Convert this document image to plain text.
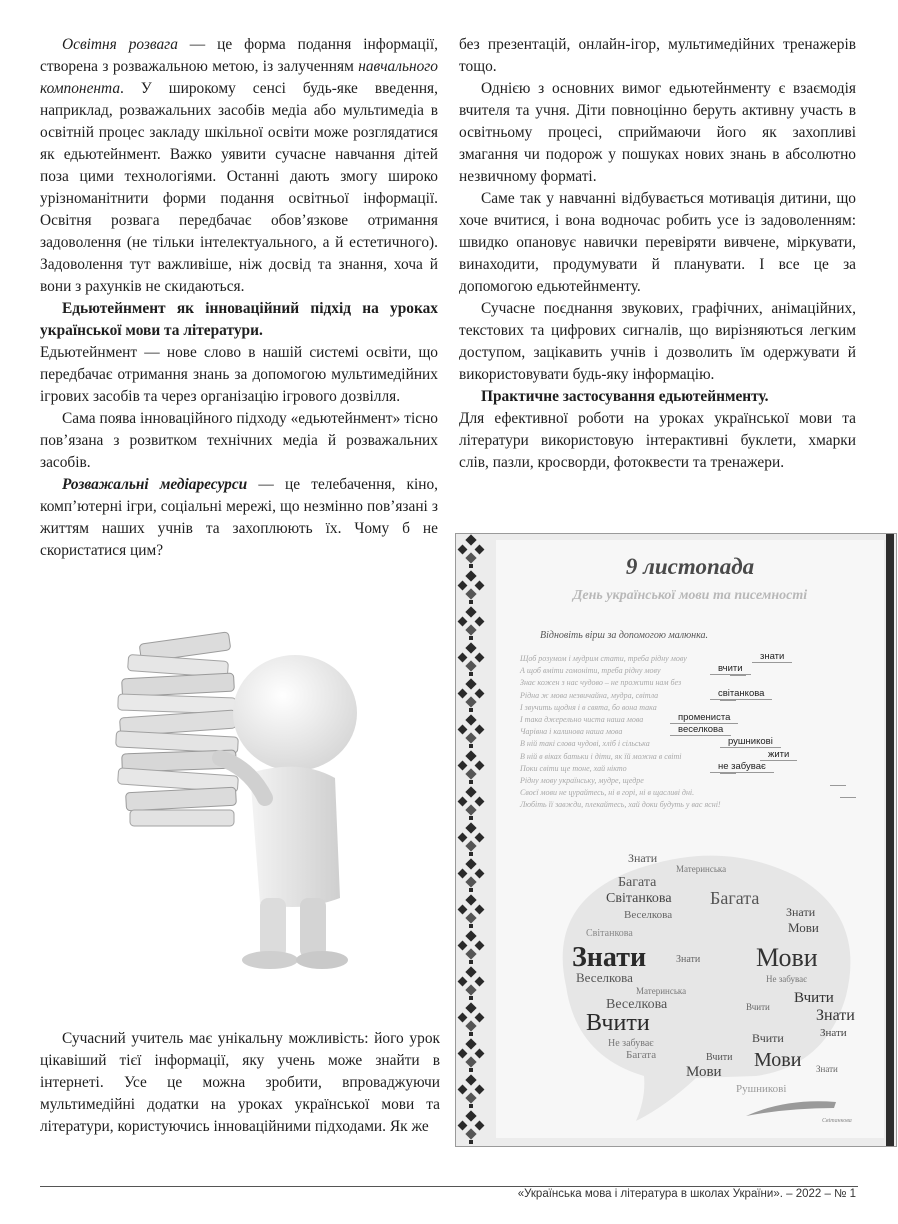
Освітня розвага — це форма подання інформації, створена з розважальною метою, із залученням навчального компонента. У широкому сенсі будь-яке введення, наприклад, розважальних засобів медіа або мультимедіа в освітній процес закладу шкільної освіти може розглядатися як едьютейнмент. Важко уявити сучасне навчання дітей поза цими технологіями. Останні дають змогу широко урізноманітнити форми подання освітньої інформації. Освітня розвага передбачає обов’язкове отримання задоволення (не тільки інтелектуального, а й естетичного). Задоволення тут важливіше, ніж досвід та знання, хоча й вони з рахунків не скидаються.

Едьютейнмент як інноваційний підхід на уроках української мови та літератури.

Едьютейнмент — нове слово в нашій системі освіти, що передбачає отримання знань за допомогою мультимедійних ігрових засобів та через організацію ігрового дозвілля.

Сама поява інноваційного підходу «едьютейнмент» тісно пов’язана з розвитком технічних медіа й розважальних засобів.

Розважальні медіаресурси — це телебачення, кіно, комп’ютерні ігри, соціальні мережі, що незмінно пов’язані з життям наших учнів та захоплюють їх. Чому б не скористатися цим?

Сучасний учитель має унікальну можливість: його урок цікавіший тієї інформації, яку учень може знайти в інтернеті. Усе це можна зробити, впроваджуючи мультимедійні додатки на уроках української мови та літератури, користуючись інноваційними підходами. Як же

без презентацій, онлайн-ігор, мультимедійних тренажерів тощо.

Однією з основних вимог едьютейнменту є взаємодія вчителя та учня. Діти повноцінно беруть активну участь в освітньому процесі, сприймаючи його як захопливі змагання чи подорож у пошуках нових знань в абсолютно незвичному форматі.

Саме так у навчанні відбувається мотивація дитини, що хоче вчитися, і вона водночас робить усе із задоволенням: швидко опановує навички перевіряти вивчене, міркувати, винаходити, продумувати й планувати. І все це за допомогою едьютейнменту.

Сучасне поєднання звукових, графічних, анімаційних, текстових та цифрових сигналів, що вирізняються легким доступом, зацікавить учнів і дозволить їм одержувати й використовувати будь-яку інформацію.

Практичне застосування едьютейнменту.

Для ефективної роботи на уроках української мови та літератури використовую інтерактивні буклети, хмарки слів, пазли, кросворди, фотоквести та тренажери.

9 листопада
День української мови та писемності
Відновіть вірш за допомогою малюнка.
Щоб розумом і мудрим стати, треба рідну мову	знати
А щоб вміти гомоніти, треба рідну мову	вчити
Знає кожен з нас чудово – не прожити нам без
Рідна ж мова незвичайна, мудра, світла	світанкова
І звучить щодня і в свята, бо вона така
І така джерельно чиста наша мова	промениста
Чарівна і калинова наша мова	веселкова
В ній такі слова чудові, хліб і сільська	рушникові
В ній в віках батьки і діти, як їй можна в світі	жити
Поки світи ще тоне, хай нікто	не забуває
Рідну мову українську, мудре, щедре
Своєї мови не цурайтесь, ні в горі, ні в щасливі дні.
Любіть її завжди, плекайтесь, хай доки будуть у вас ясні!
Знати
Материнська
Багата
Світанкова Багата
Веселкова	Знати
Мови
Світанкова
Знати	Знати Мови
Веселкова	Не забуває
Материнська
Веселкова	Вчити
Вчити	Знати
Вчити
Не забуває
Знати
Вчити
Вчити Мови
Багата
Мови	Знати
Рушникові
Світанкова
«Українська мова і література в школах України». – 2022 – № 1
